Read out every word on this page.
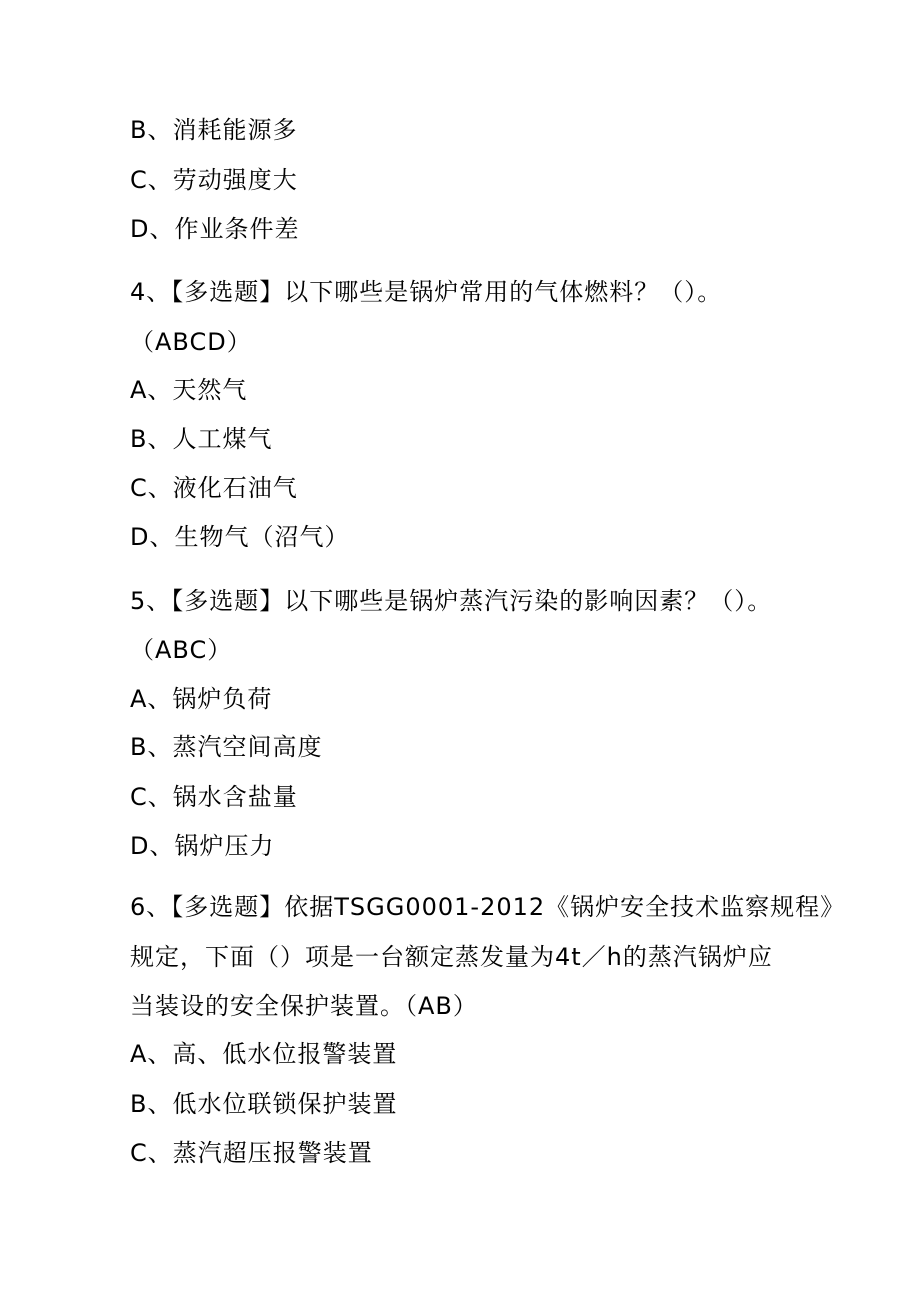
B、消耗能源多
C、劳动强度大
D、作业条件差
4、【多选题】以下哪些是锅炉常用的气体燃料？（）。
（ABCD）
A、天然气
B、人工煤气
C、液化石油气
D、生物气（沼气）
5、【多选题】以下哪些是锅炉蒸汽污染的影响因素？（）。
（ABC）
A、锅炉负荷
B、蒸汽空间高度
C、锅水含盐量
D、锅炉压力
6、【多选题】依据TSGG0001-2012《锅炉安全技术监察规程》
规定，下面（）项是一台额定蒸发量为4t／h的蒸汽锅炉应
当装设的安全保护装置。（AB）
A、高、低水位报警装置
B、低水位联锁保护装置
C、蒸汽超压报警装置
